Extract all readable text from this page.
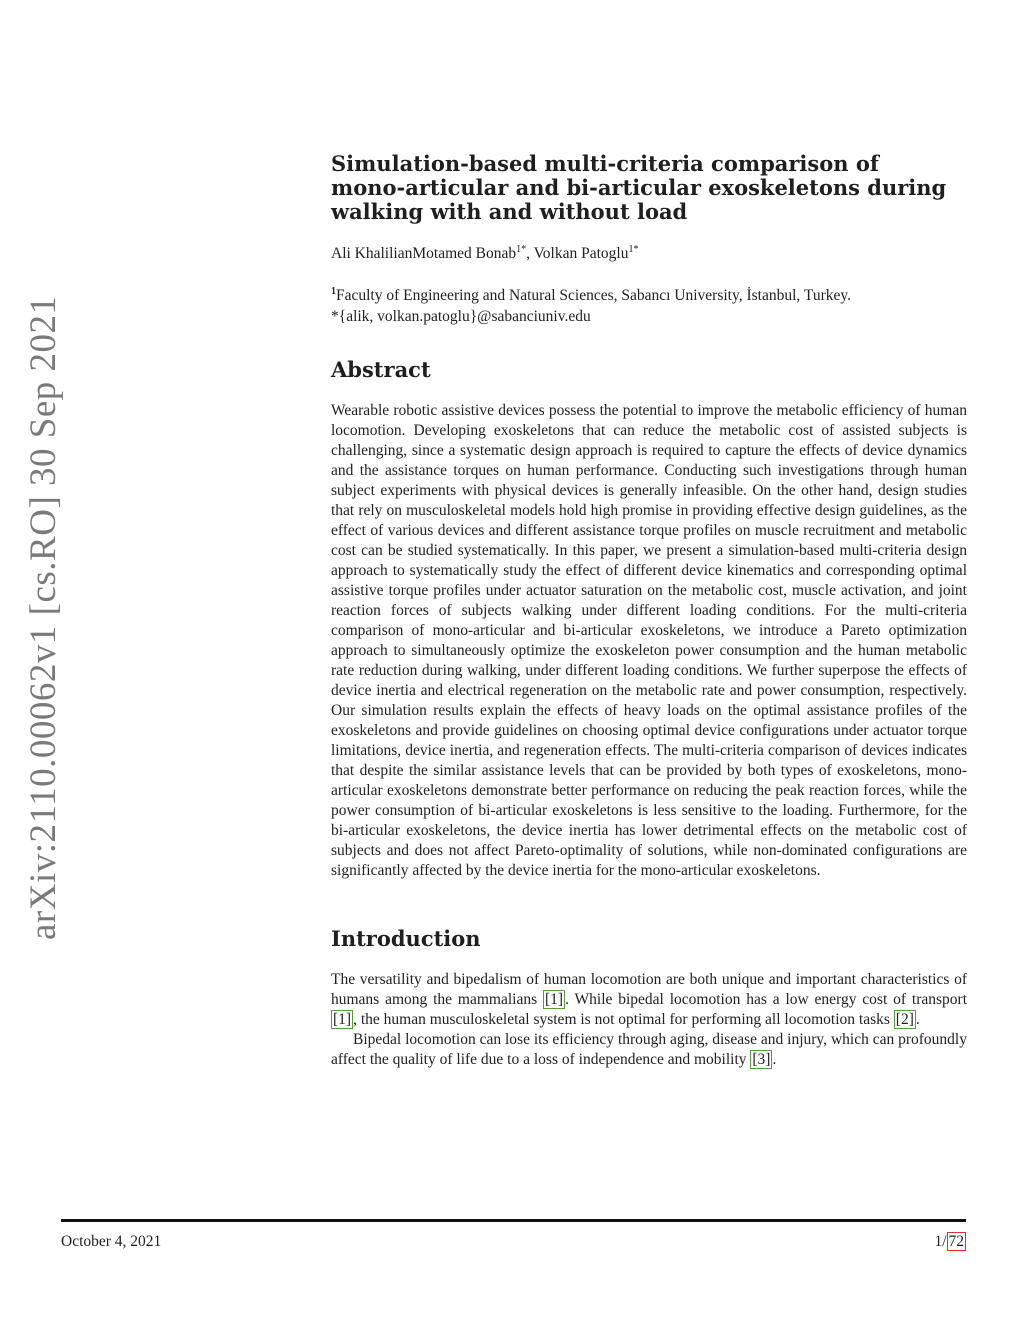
arXiv:2110.00062v1 [cs.RO] 30 Sep 2021
Simulation-based multi-criteria comparison of
mono-articular and bi-articular exoskeletons during
walking with and without load
Ali KhalilianMotamed Bonab$^{1*}$, Volkan Patoglu$^{1*}$
$^1$Faculty of Engineering and Natural Sciences, Sabancı University, İstanbul, Turkey.
*{alik, volkan.patoglu}@sabanciuniv.edu
Abstract
Wearable robotic assistive devices possess the potential to improve the metabolic efficiency of human locomotion. Developing exoskeletons that can reduce the metabolic cost of assisted subjects is challenging, since a systematic design approach is required to capture the effects of device dynamics and the assistance torques on human performance. Conducting such investigations through human subject experiments with physical devices is generally infeasible. On the other hand, design studies that rely on musculoskeletal models hold high promise in providing effective design guidelines, as the effect of various devices and different assistance torque profiles on muscle recruitment and metabolic cost can be studied systematically. In this paper, we present a simulation-based multi-criteria design approach to systematically study the effect of different device kinematics and corresponding optimal assistive torque profiles under actuator saturation on the metabolic cost, muscle activation, and joint reaction forces of subjects walking under different loading conditions. For the multi-criteria comparison of mono-articular and bi-articular exoskeletons, we introduce a Pareto optimization approach to simultaneously optimize the exoskeleton power consumption and the human metabolic rate reduction during walking, under different loading conditions. We further superpose the effects of device inertia and electrical regeneration on the metabolic rate and power consumption, respectively. Our simulation results explain the effects of heavy loads on the optimal assistance profiles of the exoskeletons and provide guidelines on choosing optimal device configurations under actuator torque limitations, device inertia, and regeneration effects. The multi-criteria comparison of devices indicates that despite the similar assistance levels that can be provided by both types of exoskeletons, mono-articular exoskeletons demonstrate better performance on reducing the peak reaction forces, while the power consumption of bi-articular exoskeletons is less sensitive to the loading. Furthermore, for the bi-articular exoskeletons, the device inertia has lower detrimental effects on the metabolic cost of subjects and does not affect Pareto-optimality of solutions, while non-dominated configurations are significantly affected by the device inertia for the mono-articular exoskeletons.
Introduction

The versatility and bipedalism of human locomotion are both unique and important characteristics of humans among the mammalians [1] . While bipedal locomotion has a low energy cost of transport [1] , the human musculoskeletal system is not optimal for performing all locomotion tasks [2] .

Bipedal locomotion can lose its efficiency through aging, disease and injury, which can profoundly affect the quality of life due to a loss of independence and mobility [3] .

October 4, 2021	1/ 72
